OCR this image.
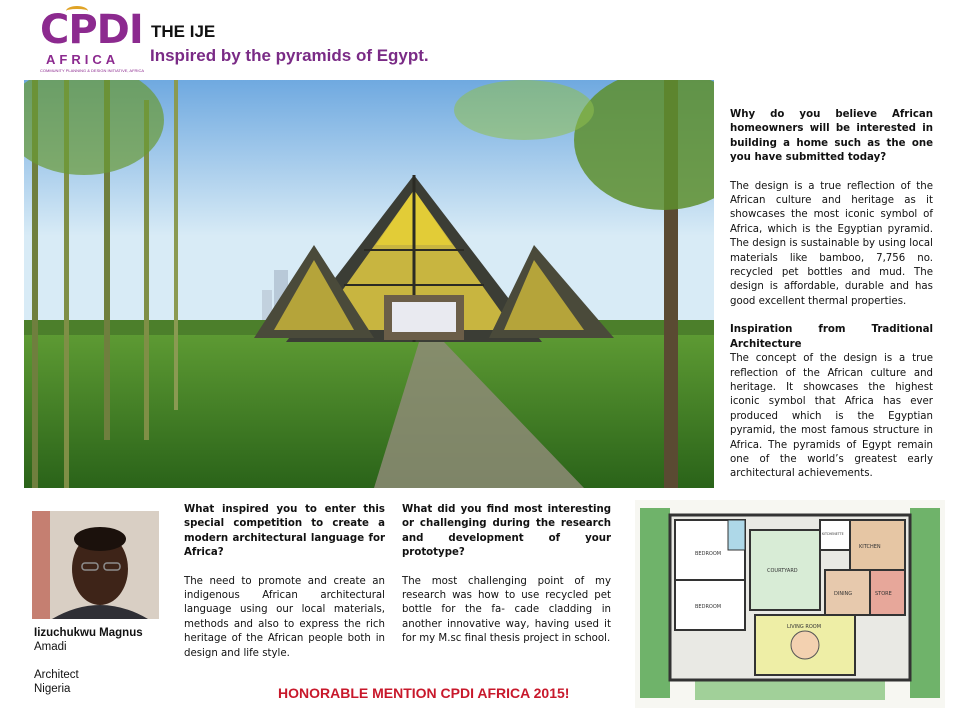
CPDI
AFRICA
COMMUNITY PLANNING & DESIGN INITIATIVE, AFRICA
THE IJE
Inspired by the pyramids of Egypt.

Why do you believe African homeowners will be interested in building a home such as the one you have submitted today?

The design is a true reflection of the African culture and heritage as it showcases the most iconic symbol of Africa, which is the Egyptian pyramid. The design is sustainable by using local materials like bamboo, 7,756 no. recycled pet bottles and mud. The design is affordable, durable and has good excellent thermal properties.

Inspiration from Traditional Architecture

The concept of the design is a true reflection of the African culture and heritage. It showcases the highest iconic symbol that Africa has ever produced which is the Egyptian pyramid, the most famous structure in Africa. The pyramids of Egypt remain one of the world’s greatest early architectural achievements.

Iizuchukwu Magnus
Amadi
Architect
Nigeria

What inspired you to enter this special competition to create a modern architectural language for Africa?

The need to promote and create an indigenous African architectural language using our local materials, methods and also to express the rich heritage of the African people both in design and life style.

What did you find most interesting or challenging during the research and development of your prototype?

The most challenging point of my research was how to use recycled pet bottle for the fa- cade cladding in another innovative way, having used it for my M.sc final thesis project in school.

BEDROOM
BEDROOM
COURTYARD
KITCHEN
KITCHENETTE
DINING	STORE
LIVING ROOM
HONORABLE MENTION CPDI AFRICA 2015!
